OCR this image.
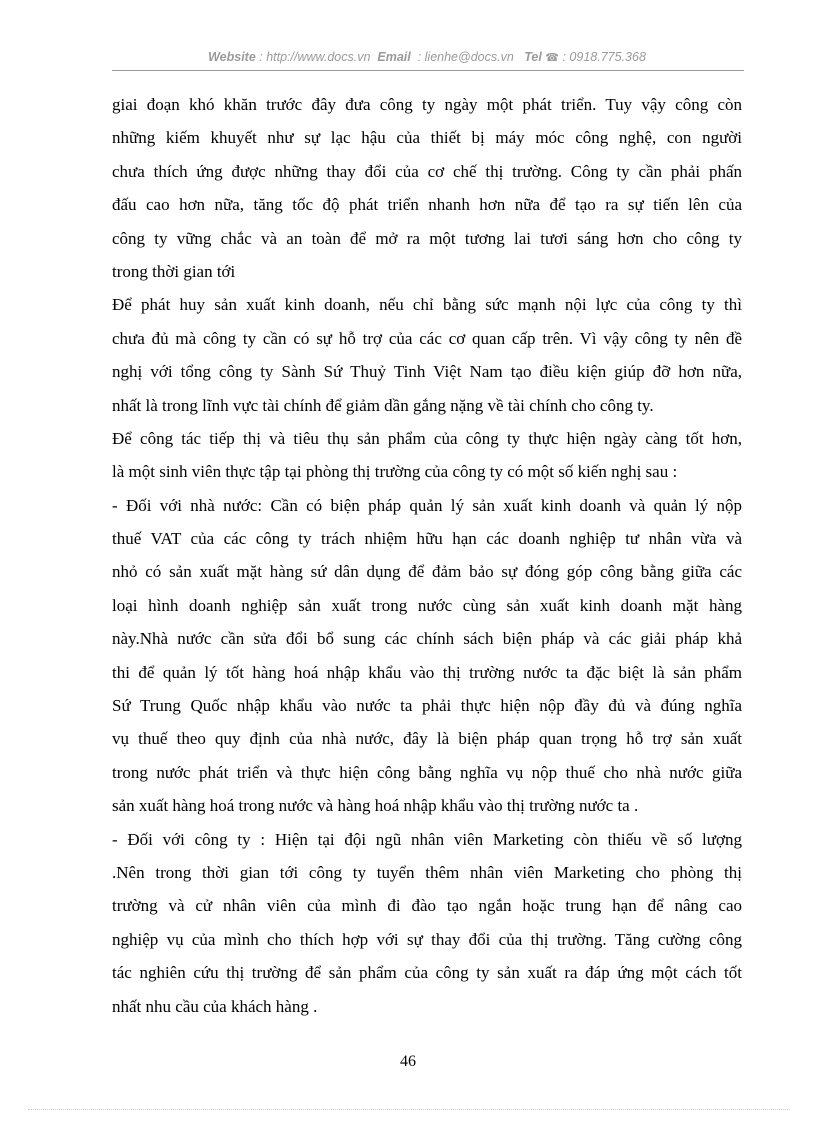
Website : http://www.docs.vn Email : lienhe@docs.vn Tel ☎ : 0918.775.368
giai đoạn khó khăn trước đây đưa công ty ngày một phát triển. Tuy vậy công còn
những kiếm khuyết như sự lạc hậu của thiết bị máy móc công nghệ, con người
chưa thích ứng được những thay đổi của cơ chế thị trường. Công ty cần phải phấn
đấu cao hơn nữa, tăng tốc độ phát triển nhanh hơn nữa để tạo ra sự tiến lên của
công ty vững chắc và an toàn để mở ra một tương lai tươi sáng hơn cho công ty
trong thời gian tới
Để phát huy sản xuất kinh doanh, nếu chỉ bằng sức mạnh nội lực của công ty thì
chưa đủ mà công ty cần có sự hỗ trợ của các cơ quan cấp trên. Vì vậy công ty nên đề
nghị với tổng công ty Sành Sứ Thuỷ Tinh Việt Nam tạo điều kiện giúp đỡ hơn nữa,
nhất là trong lĩnh vực tài chính để giảm dần gắng nặng về tài chính cho công ty.
Để công tác tiếp thị và tiêu thụ sản phẩm của công ty thực hiện ngày càng tốt hơn,
là một sinh viên thực tập tại phòng thị trường của công ty có một số kiến nghị sau :
- Đối với nhà nước: Cần có biện pháp quản lý sản xuất kinh doanh và quản lý nộp
thuế VAT của các công ty trách nhiệm hữu hạn các doanh nghiệp tư nhân vừa và
nhỏ có sản xuất mặt hàng sứ dân dụng để đảm bảo sự đóng góp công bằng giữa các
loại hình doanh nghiệp sản xuất trong nước cùng sản xuất kinh doanh mặt hàng
này.Nhà nước cần sửa đổi bổ sung các chính sách biện pháp và các giải pháp khả
thi để quản lý tốt hàng hoá nhập khẩu vào thị trường nước ta đặc biệt là sản phẩm
Sứ Trung Quốc nhập khẩu vào nước ta phải thực hiện nộp đầy đủ và đúng nghĩa
vụ thuế theo quy định của nhà nước, đây là biện pháp quan trọng hỗ trợ sản xuất
trong nước phát triển và thực hiện công bằng nghĩa vụ nộp thuế cho nhà nước giữa
sản xuất hàng hoá trong nước và hàng hoá nhập khẩu vào thị trường nước ta .
- Đối với công ty : Hiện tại đội ngũ nhân viên Marketing còn thiếu về số lượng
.Nên trong thời gian tới công ty tuyển thêm nhân viên Marketing cho phòng thị
trường và cử nhân viên của mình đi đào tạo ngắn hoặc trung hạn để nâng cao
nghiệp vụ của mình cho thích hợp với sự thay đổi của thị trường. Tăng cường công
tác nghiên cứu thị trường để sản phẩm của công ty sản xuất ra đáp ứng một cách tốt
nhất nhu cầu của khách hàng .
46
